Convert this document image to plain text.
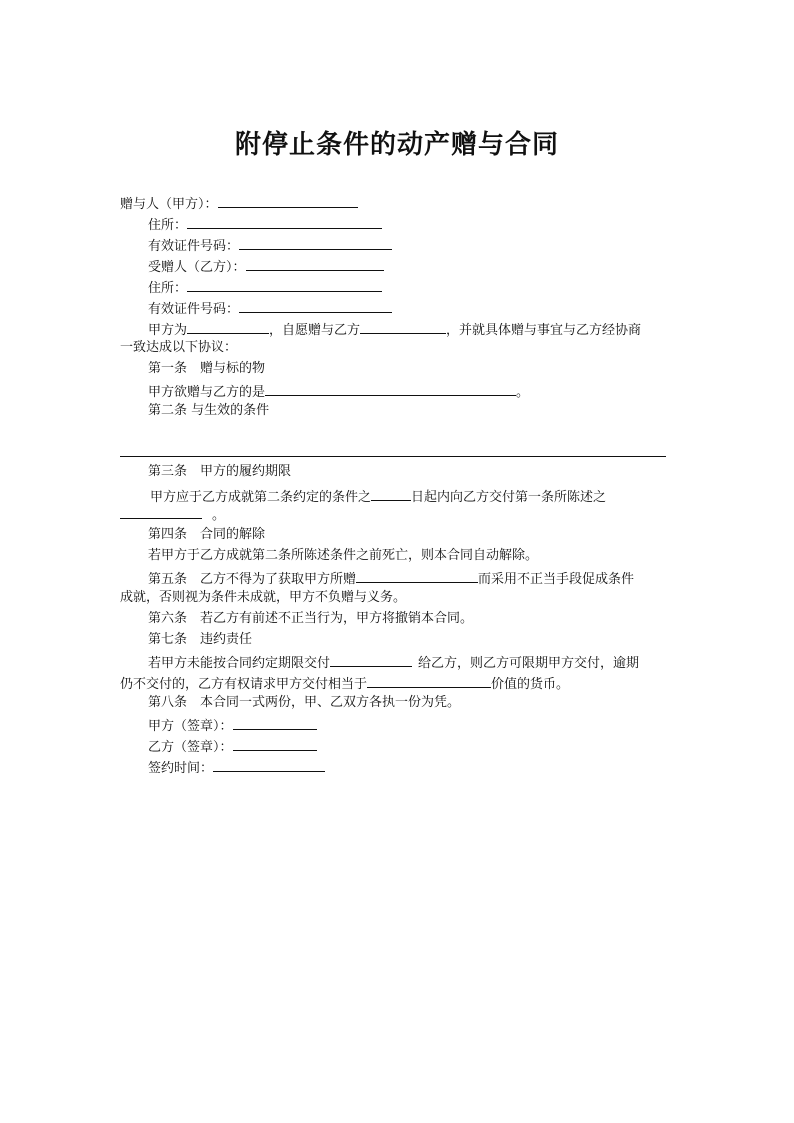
附停止条件的动产赠与合同
赠与人（甲方）：
住所：
有效证件号码：
受赠人（乙方）：
住所：
有效证件号码：
甲方为	，自愿赠与乙方	，并就具体赠与事宜与乙方经协商
一致达成以下协议：
第一条　赠与标的物
甲方欲赠与乙方的是	。
第二条 与生效的条件
第三条　甲方的履约期限
甲方应于乙方成就第二条约定的条件之	日起内向乙方交付第一条所陈述之
。
第四条　合同的解除
若甲方于乙方成就第二条所陈述条件之前死亡，则本合同自动解除。
第五条　乙方不得为了获取甲方所赠	而采用不正当手段促成条件
成就，否则视为条件未成就，甲方不负赠与义务。
第六条　若乙方有前述不正当行为，甲方将撤销本合同。
第七条　违约责任
若甲方未能按合同约定期限交付	给乙方，则乙方可限期甲方交付，逾期
仍不交付的，乙方有权请求甲方交付相当于	价值的货币。
第八条　本合同一式两份，甲、乙双方各执一份为凭。
甲方（签章）：
乙方（签章）：
签约时间：
